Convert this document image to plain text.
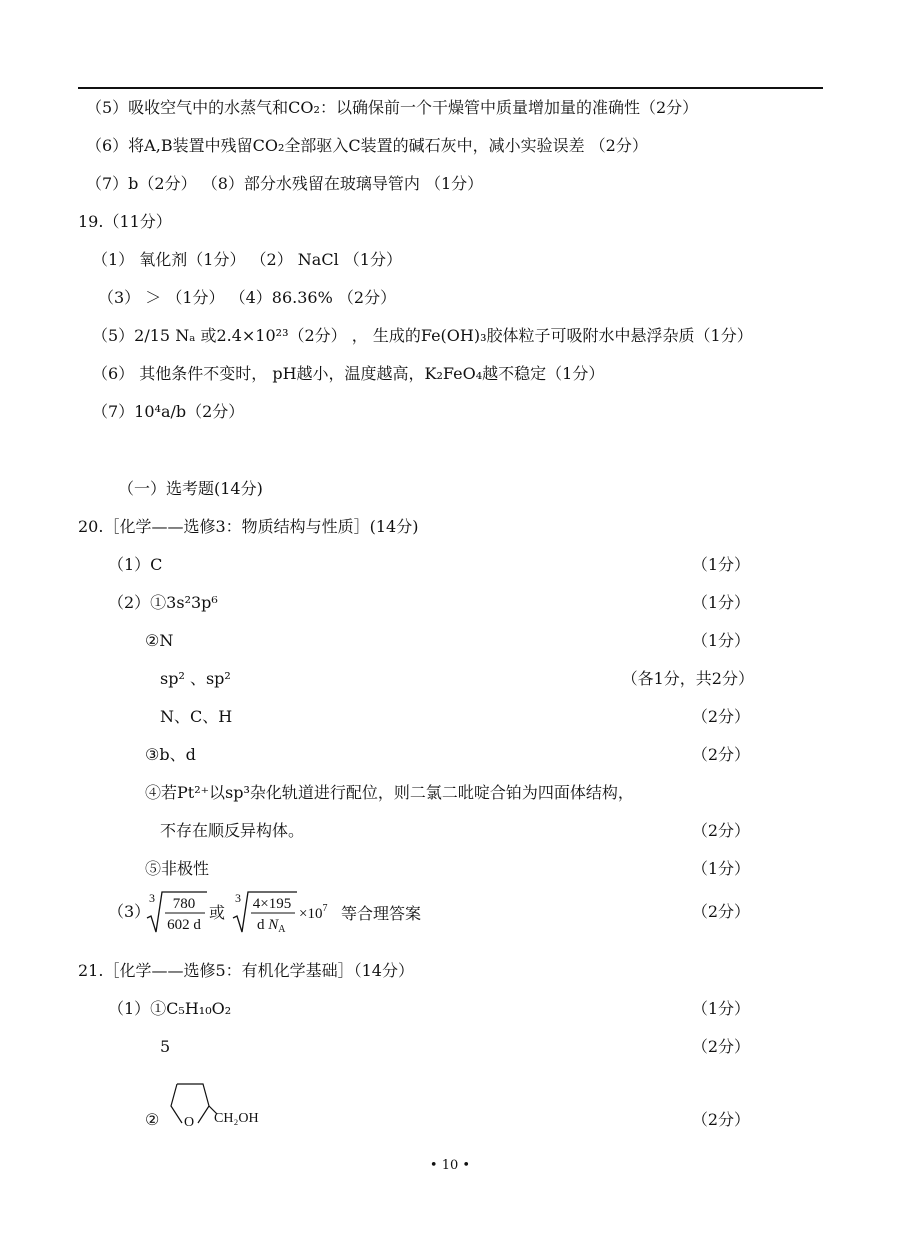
（5）吸收空气中的水蒸气和CO₂：以确保前一个干燥管中质量增加量的准确性（2分）
（6）将A,B装置中残留CO₂全部驱入C装置的碱石灰中，减小实验误差 （2分）
（7）b（2分） （8）部分水残留在玻璃导管内 （1分）
19.（11分）
（1） 氧化剂（1分） （2） NaCl （1分）
（3） ＞ （1分） （4）86.36% （2分）
（5）2/15 Nₐ 或2.4×10²³（2分） ， 生成的Fe(OH)₃胶体粒子可吸附水中悬浮杂质（1分）
（6） 其他条件不变时， pH越小，温度越高，K₂FeO₄越不稳定（1分）
（7）10⁴a/b（2分）
（一）选考题(14分)
20.［化学——选修3：物质结构与性质］(14分)
（1）C	（1分）
（2）①3s²3p⁶	（1分）
②N	（1分）
sp² 、sp²	（各1分，共2分）
N、C、H	（2分）
③b、d	（2分）
④若Pt²⁺以sp³杂化轨道进行配位，则二氯二吡啶合铂为四面体结构，
不存在顺反异构体。	（2分）
⑤非极性	（1分）
（3）
3 780
602 d
或
3 4×195
d $N_A$
$\times 10^7$ 等合理答案	（2分）
21.［化学——选修5：有机化学基础］（14分）
（1）①C₅H₁₀O₂	（1分）
5	（2分）
② O CH₂OH	（2分）
• 10 •
